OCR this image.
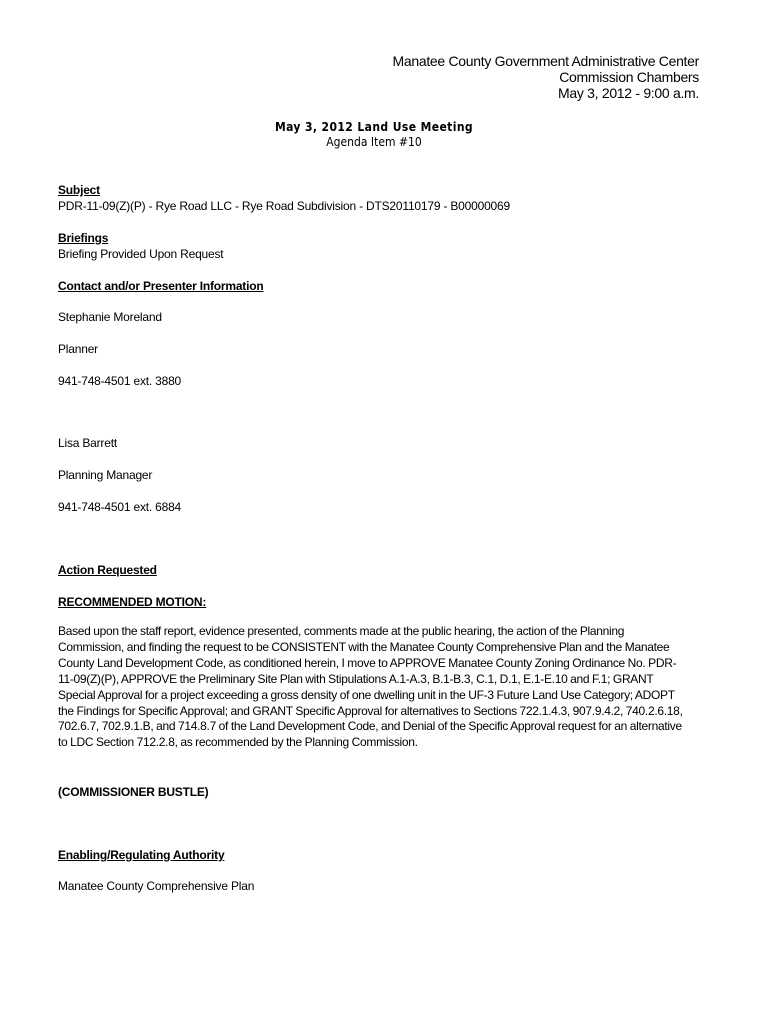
Manatee County Government Administrative Center
Commission Chambers
May 3, 2012 - 9:00 a.m.
May 3, 2012 Land Use Meeting
Agenda Item #10
Subject
PDR-11-09(Z)(P) - Rye Road LLC - Rye Road Subdivision - DTS20110179 - B00000069
Briefings
Briefing Provided Upon Request
Contact and/or Presenter Information
Stephanie Moreland
Planner
941-748-4501 ext. 3880
Lisa Barrett
Planning Manager
941-748-4501 ext. 6884
Action Requested
RECOMMENDED MOTION:
Based upon the staff report, evidence presented, comments made at the public hearing, the action of the Planning Commission, and finding the request to be CONSISTENT with the Manatee County Comprehensive Plan and the Manatee County Land Development Code, as conditioned herein, I move to APPROVE Manatee County Zoning Ordinance No. PDR-11-09(Z)(P), APPROVE the Preliminary Site Plan with Stipulations A.1-A.3, B.1-B.3, C.1, D.1, E.1-E.10 and F.1; GRANT Special Approval for a project exceeding a gross density of one dwelling unit in the UF-3 Future Land Use Category; ADOPT the Findings for Specific Approval; and GRANT Specific Approval for alternatives to Sections 722.1.4.3, 907.9.4.2, 740.2.6.18, 702.6.7, 702.9.1.B, and 714.8.7 of the Land Development Code, and Denial of the Specific Approval request for an alternative to LDC Section 712.2.8, as recommended by the Planning Commission.
(COMMISSIONER BUSTLE)
Enabling/Regulating Authority
Manatee County Comprehensive Plan
